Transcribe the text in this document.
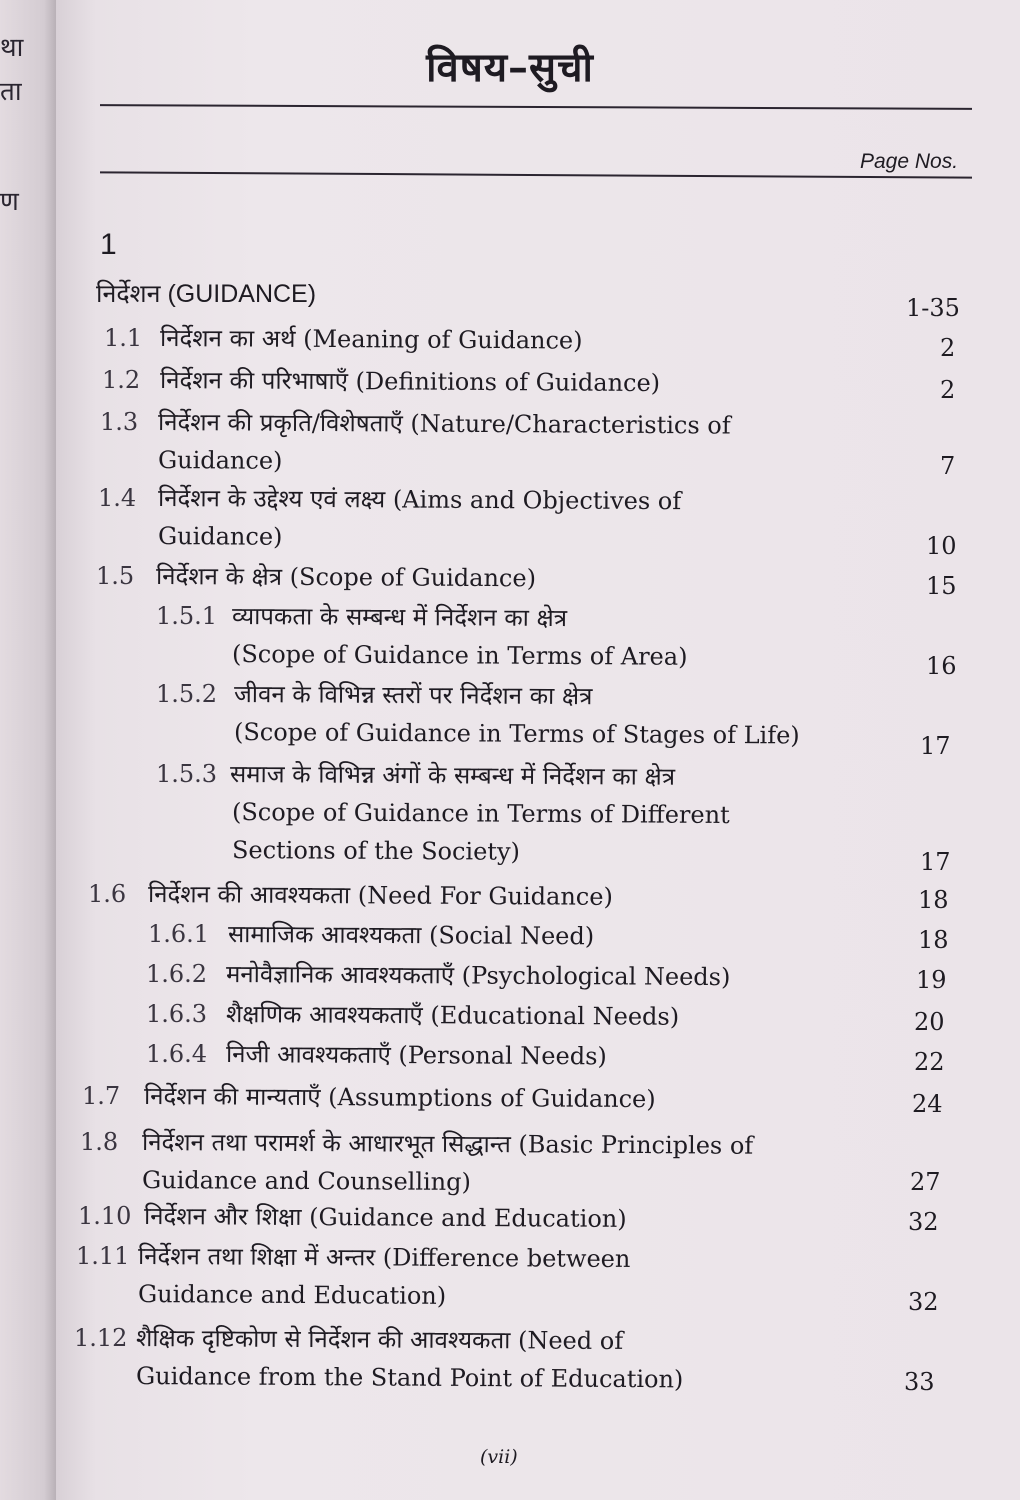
था
ता
ण
विषय–सुची
Page Nos.
1
निर्देशन (GUIDANCE)	1-35
1.1 निर्देशन का अर्थ (Meaning of Guidance)	2
1.2 निर्देशन की परिभाषाएँ (Definitions of Guidance)	2
1.3 निर्देशन की प्रकृति/विशेषताएँ (Nature/Characteristics of
Guidance)	7
1.4 निर्देशन के उद्देश्य एवं लक्ष्य (Aims and Objectives of
Guidance)	10
1.5 निर्देशन के क्षेत्र (Scope of Guidance)	15
1.5.1 व्यापकता के सम्बन्ध में निर्देशन का क्षेत्र
(Scope of Guidance in Terms of Area)	16
1.5.2 जीवन के विभिन्न स्तरों पर निर्देशन का क्षेत्र
(Scope of Guidance in Terms of Stages of Life)	17
1.5.3 समाज के विभिन्न अंगों के सम्बन्ध में निर्देशन का क्षेत्र
(Scope of Guidance in Terms of Different
Sections of the Society)	17
1.6 निर्देशन की आवश्यकता (Need For Guidance)	18
1.6.1 सामाजिक आवश्यकता (Social Need)	18
1.6.2 मनोवैज्ञानिक आवश्यकताएँ (Psychological Needs)	19
1.6.3 शैक्षणिक आवश्यकताएँ (Educational Needs)	20
1.6.4 निजी आवश्यकताएँ (Personal Needs)	22
1.7 निर्देशन की मान्यताएँ (Assumptions of Guidance)	24
1.8 निर्देशन तथा परामर्श के आधारभूत सिद्धान्त (Basic Principles of
Guidance and Counselling)	27
1.10 निर्देशन और शिक्षा (Guidance and Education)	32
1.11 निर्देशन तथा शिक्षा में अन्तर (Difference between
Guidance and Education)	32
1.12 शैक्षिक दृष्टिकोण से निर्देशन की आवश्यकता (Need of
Guidance from the Stand Point of Education)	33
(vii)
